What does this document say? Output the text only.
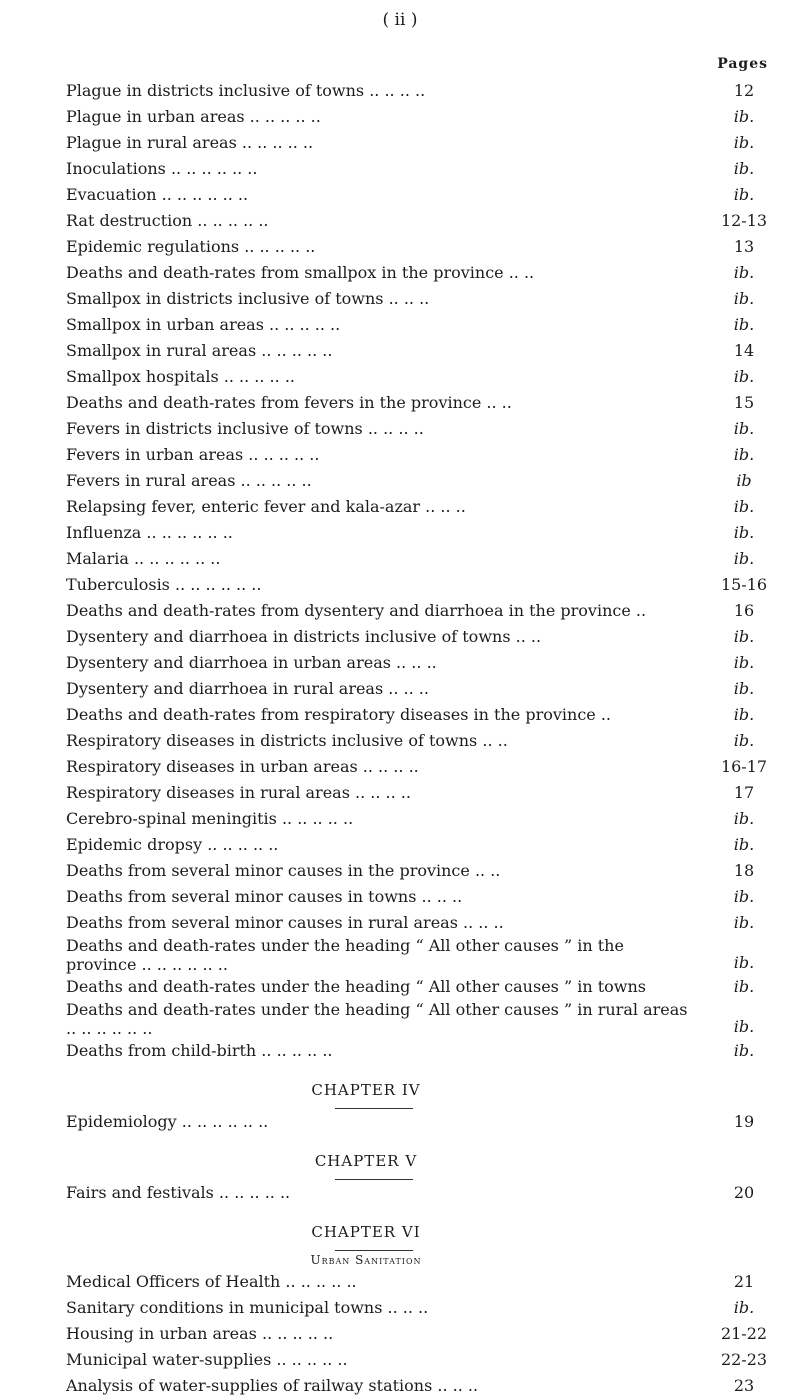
( ii )
Pages
Plague in districts inclusive of towns .. .. .. ..	12
Plague in urban areas .. .. .. .. ..	ib.
Plague in rural areas .. .. .. .. ..	ib.
Inoculations .. .. .. .. .. ..	ib.
Evacuation .. .. .. .. .. ..	ib.
Rat destruction .. .. .. .. ..	12-13
Epidemic regulations .. .. .. .. ..	13
Deaths and death-rates from smallpox in the province .. ..	ib.
Smallpox in districts inclusive of towns .. .. ..	ib.
Smallpox in urban areas .. .. .. .. ..	ib.
Smallpox in rural areas .. .. .. .. ..	14
Smallpox hospitals .. .. .. .. ..	ib.
Deaths and death-rates from fevers in the province .. ..	15
Fevers in districts inclusive of towns .. .. .. ..	ib.
Fevers in urban areas .. .. .. .. ..	ib.
Fevers in rural areas .. .. .. .. ..	ib
Relapsing fever, enteric fever and kala-azar .. .. ..	ib.
Influenza .. .. .. .. .. ..	ib.
Malaria .. .. .. .. .. ..	ib.
Tuberculosis .. .. .. .. .. ..	15-16
Deaths and death-rates from dysentery and diarrhoea in the province ..	16
Dysentery and diarrhoea in districts inclusive of towns .. ..	ib.
Dysentery and diarrhoea in urban areas .. .. ..	ib.
Dysentery and diarrhoea in rural areas .. .. ..	ib.
Deaths and death-rates from respiratory diseases in the province ..	ib.
Respiratory diseases in districts inclusive of towns .. ..	ib.
Respiratory diseases in urban areas .. .. .. ..	16-17
Respiratory diseases in rural areas .. .. .. ..	17
Cerebro-spinal meningitis .. .. .. .. ..	ib.
Epidemic dropsy .. .. .. .. ..	ib.
Deaths from several minor causes in the province .. ..	18
Deaths from several minor causes in towns .. .. ..	ib.
Deaths from several minor causes in rural areas .. .. ..	ib.
Deaths and death-rates under the heading “ All other causes ” in the province .. .. .. .. .. ..	ib.
Deaths and death-rates under the heading “ All other causes ” in towns	ib.
Deaths and death-rates under the heading “ All other causes ” in rural areas .. .. .. .. .. ..	ib.
Deaths from child-birth .. .. .. .. ..	ib.
CHAPTER IV
Epidemiology .. .. .. .. .. ..	19
CHAPTER V
Fairs and festivals .. .. .. .. ..	20
CHAPTER VI
Urban Sanitation
Medical Officers of Health .. .. .. .. ..	21
Sanitary conditions in municipal towns .. .. ..	ib.
Housing in urban areas .. .. .. .. ..	21-22
Municipal water-supplies .. .. .. .. ..	22-23
Analysis of water-supplies of railway stations .. .. ..	23
